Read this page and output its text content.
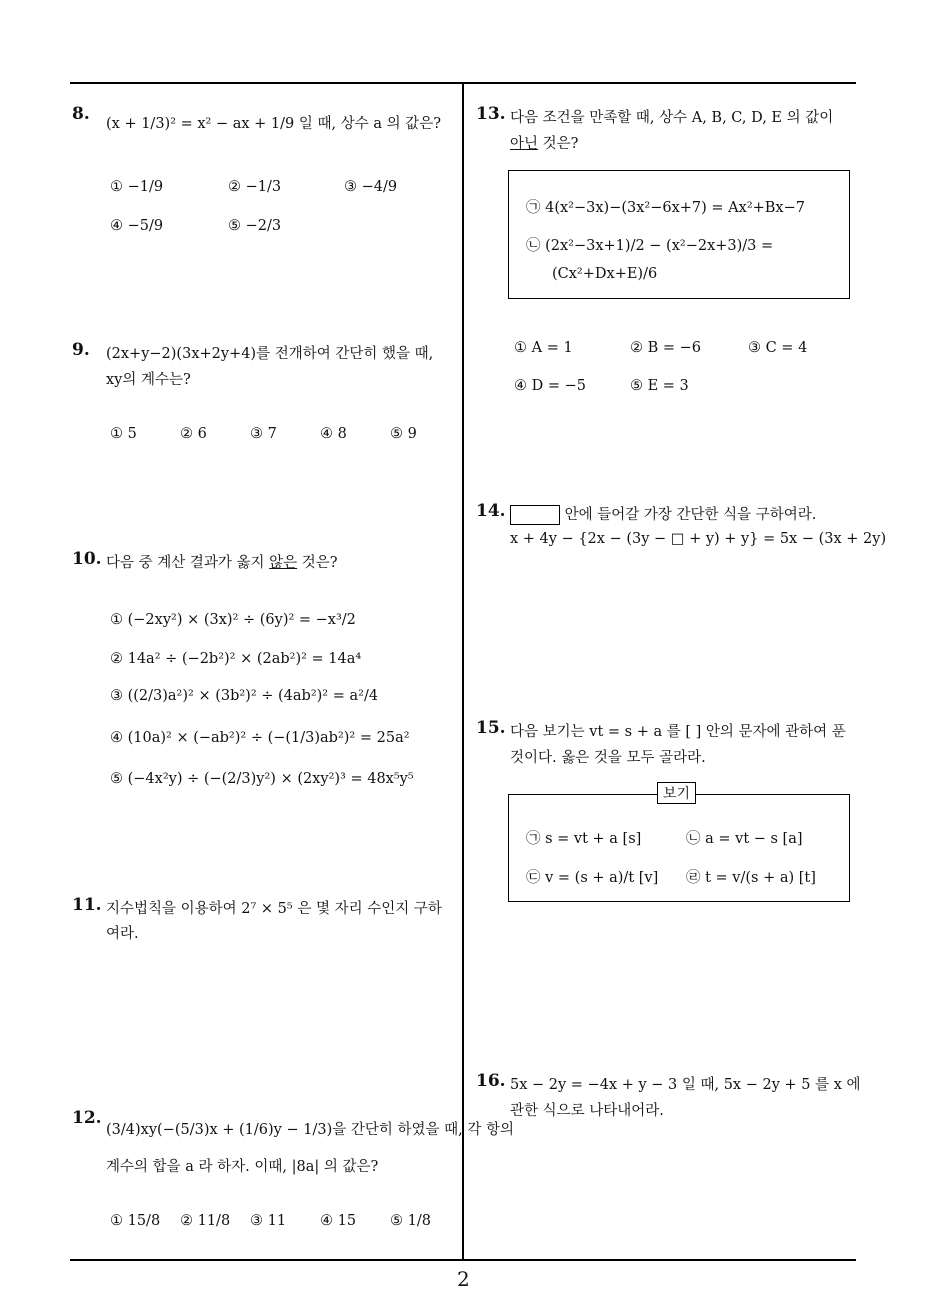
8. (x + 1/3)² = x² − ax + 1/9 일 때, 상수 a 의 값은?
① −1/9	② −1/3	③ −4/9
④ −5/9	⑤ −2/3
9. (2x+y−2)(3x+2y+4)를 전개하여 간단히 했을 때,
xy의 계수는?
① 5	② 6	③ 7	④ 8	⑤ 9
10. 다음 중 계산 결과가 옳지 않은 것은?
① (−2xy²) × (3x)² ÷ (6y)² = −x³/2
② 14a² ÷ (−2b²)² × (2ab²)² = 14a⁴
③ ((2/3)a²)² × (3b²)² ÷ (4ab²)² = a²/4
④ (10a)² × (−ab²)² ÷ (−(1/3)ab²)² = 25a²
⑤ (−4x²y) ÷ (−(2/3)y²) × (2xy²)³ = 48x⁵y⁵
11. 지수법칙을 이용하여 2⁷ × 5⁵ 은 몇 자리 수인지 구하
여라.
12.
(3/4)xy(−(5/3)x + (1/6)y − 1/3)을 간단히 하였을 때, 각 항의
계수의 합을 a 라 하자. 이때, |8a| 의 값은?
① 15/8 ② 11/8 ③ 11 ④ 15 ⑤ 1/8
13. 다음 조건을 만족할 때, 상수 A, B, C, D, E 의 값이
아닌 것은?
㉠ 4(x²−3x)−(3x²−6x+7) = Ax²+Bx−7
㉡ (2x²−3x+1)/2 − (x²−2x+3)/3 =
(Cx²+Dx+E)/6
① A = 1	② B = −6	③ C = 4
④ D = −5	⑤ E = 3
14.	안에 들어갈 가장 간단한 식을 구하여라.
x + 4y − {2x − (3y − □ + y) + y} = 5x − (3x + 2y)
15. 다음 보기는 vt = s + a 를 [ ] 안의 문자에 관하여 푼
것이다. 옳은 것을 모두 골라라.
보기
㉠ s = vt + a [s]	㉡ a = vt − s [a]
㉢ v = (s + a)/t [v] ㉣ t = v/(s + a) [t]
16. 5x − 2y = −4x + y − 3 일 때, 5x − 2y + 5 를 x 에
관한 식으로 나타내어라.
2
